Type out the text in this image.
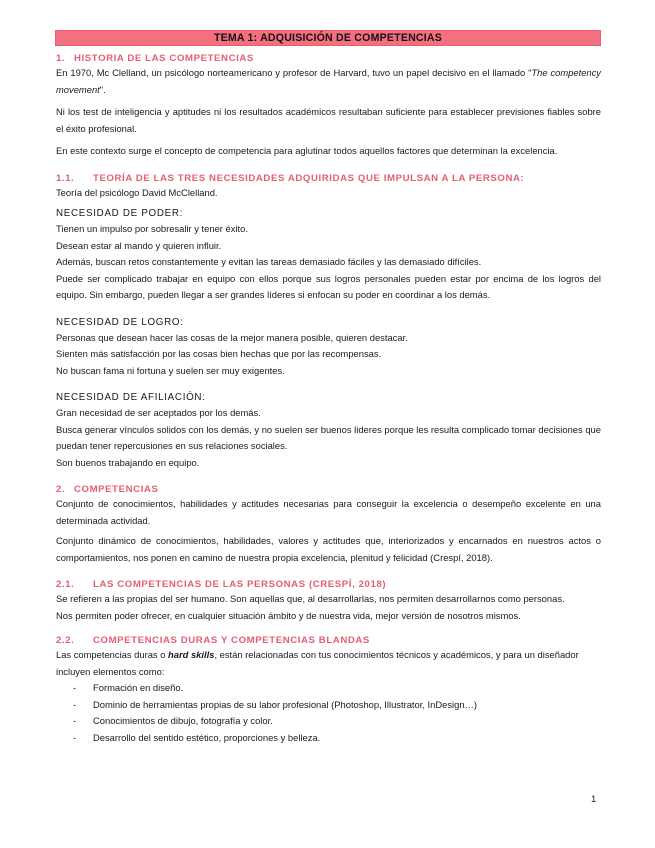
TEMA 1: ADQUISICIÓN DE COMPETENCIAS
1. HISTORIA DE LAS COMPETENCIAS

En 1970, Mc Clelland, un psicólogo norteamericano y profesor de Harvard, tuvo un papel decisivo en el llamado "The competency movement".

Ni los test de inteligencia y aptitudes ni los resultados académicos resultaban suficiente para establecer previsiones fiables sobre el éxito profesional.

En este contexto surge el concepto de competencia para aglutinar todos aquellos factores que determinan la excelencia.

1.1. TEORÍA DE LAS TRES NECESIDADES ADQUIRIDAS QUE IMPULSAN A LA PERSONA:

Teoría del psicólogo David McClelland.

NECESIDAD DE PODER:

Tienen un impulso por sobresalir y tener éxito.

Desean estar al mando y quieren influir.

Además, buscan retos constantemente y evitan las tareas demasiado fáciles y las demasiado difíciles.

Puede ser complicado trabajar en equipo con ellos porque sus logros personales pueden estar por encima de los logros del equipo. Sin embargo, pueden llegar a ser grandes líderes si enfocan su poder en coordinar a los demás.

NECESIDAD DE LOGRO:

Personas que desean hacer las cosas de la mejor manera posible, quieren destacar.

Sienten más satisfacción por las cosas bien hechas que por las recompensas.

No buscan fama ni fortuna y suelen ser muy exigentes.

NECESIDAD DE AFILIACIÓN:

Gran necesidad de ser aceptados por los demás.

Busca generar vínculos solidos con los demás, y no suelen ser buenos lideres porque les resulta complicado tomar decisiones que puedan tener repercusiones en sus relaciones sociales.

Son buenos trabajando en equipo.

2. COMPETENCIAS

Conjunto de conocimientos, habilidades y actitudes necesarias para conseguir la excelencia o desempeño excelente en una determinada actividad.

Conjunto dinámico de conocimientos, habilidades, valores y actitudes que, interiorizados y encarnados en nuestros actos o comportamientos, nos ponen en camino de nuestra propia excelencia, plenitud y felicidad (Crespí, 2018).

2.1. LAS COMPETENCIAS DE LAS PERSONAS (CRESPÍ, 2018)

Se refieren a las propias del ser humano. Son aquellas que, al desarrollarlas, nos permiten desarrollarnos como personas.

Nos permiten poder ofrecer, en cualquier situación ámbito y de nuestra vida, mejor versión de nosotros mismos.

2.2. COMPETENCIAS DURAS Y COMPETENCIAS BLANDAS

Las competencias duras o hard skills, están relacionadas con tus conocimientos técnicos y académicos, y para un diseñador incluyen elementos como:

- Formación en diseño.
- Dominio de herramientas propias de su labor profesional (Photoshop, Illustrator, InDesign…)
- Conocimientos de dibujo, fotografía y color.
- Desarrollo del sentido estético, proporciones y belleza.
1
